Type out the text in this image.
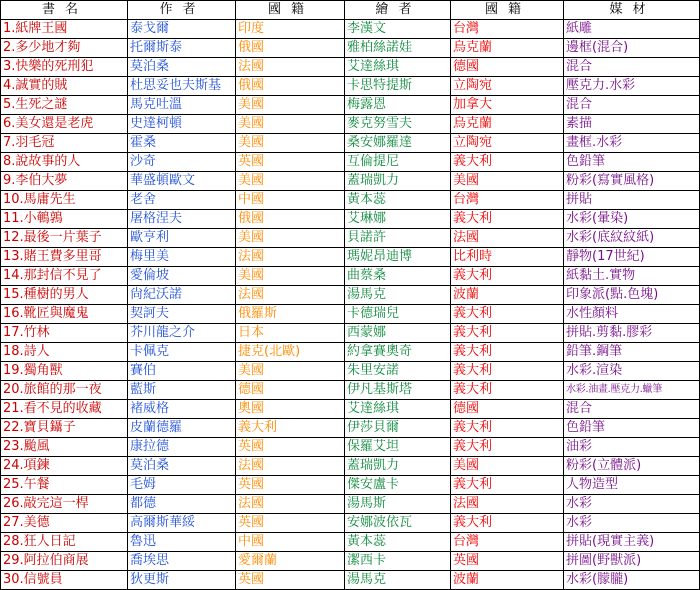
書名	作者	國籍	繪者	國籍	媒材
1.紙牌王國	泰戈爾	印度	李漢文	台灣	紙雕
2.多少地才夠	托爾斯泰	俄國	雅柏絲諾娃	烏克蘭	邊框(混合)
3.快樂的死刑犯	莫泊桑	法國	艾達絲琪	德國	混合
4.誠實的賊	杜思妥也夫斯基	俄國	卡思特提斯	立陶宛	壓克力.水彩
5.生死之謎	馬克吐溫	美國	梅露恩	加拿大	混合
6.美女還是老虎	史達柯頓	美國	麥克努雪夫	烏克蘭	素描
7.羽毛冠	霍桑	美國	桑安娜羅達	立陶宛	畫框.水彩
8.說故事的人	沙奇	英國	互倫提尼	義大利	色鉛筆
9.李伯大夢	華盛頓歐文	美國	蓋瑞凱力	美國	粉彩(寫實風格)
10.馬庸先生	老舍	中國	黃本蕊	台灣	拼貼
11.小鵪鶉	屠格涅夫	俄國	艾琳娜	義大利	水彩(暈染)
12.最後一片葉子	歐亨利	美國	貝諾許	法國	水彩(底紋紋紙)
13.賭王費多里哥	梅里美	法國	瑪妮昂迪博	比利時	靜物(17世紀)
14.那封信不見了	愛倫坡	美國	曲蔡桑	義大利	紙黏土.實物
15.種樹的男人	尙紀沃諾	法國	湯馬克	波蘭	印象派(點.色塊)
16.靴匠與魔鬼	契訶夫	俄羅斯	卡德瑞兒	義大利	水性顏料
17.竹林	芥川龍之介	日本	西蒙娜	義大利	拼貼.剪黏.膠彩
18.詩人	卡佩克	捷克(北歐)	約拿賽奧奇	義大利	鉛筆.鋼筆
19.獨角獸	賽伯	美國	朱里安諾	義大利	水彩.渲染
20.旅館的那一夜	藍斯	德國	伊凡基斯塔	義大利	水彩.油畫.壓克力.蠟筆
21.看不見的收藏	褚威格	奧國	艾達絲琪	德國	混合
22.寶貝鑷子	皮蘭德羅	義大利	伊莎貝爾	義大利	色鉛筆
23.颱風	康拉德	英國	保羅艾坦	義大利	油彩
24.項鍊	莫泊桑	法國	蓋瑞凱力	美國	粉彩(立體派)
25.午餐	毛姆	英國	傑安盧卡	義大利	人物造型
26.敲完這一桿	都德	法國	湯馬斯	法國	水彩
27.美德	高爾斯華綏	英國	安娜波依瓦	義大利	水彩
28.狂人日記	魯迅	中國	黃本蕊	台灣	拼貼(現實主義)
29.阿拉伯商展	喬埃思	愛爾蘭	潔西卡	英國	拼圖(野獸派)
30.信號員	狄更斯	英國	湯馬克	波蘭	水彩(朦朧)
